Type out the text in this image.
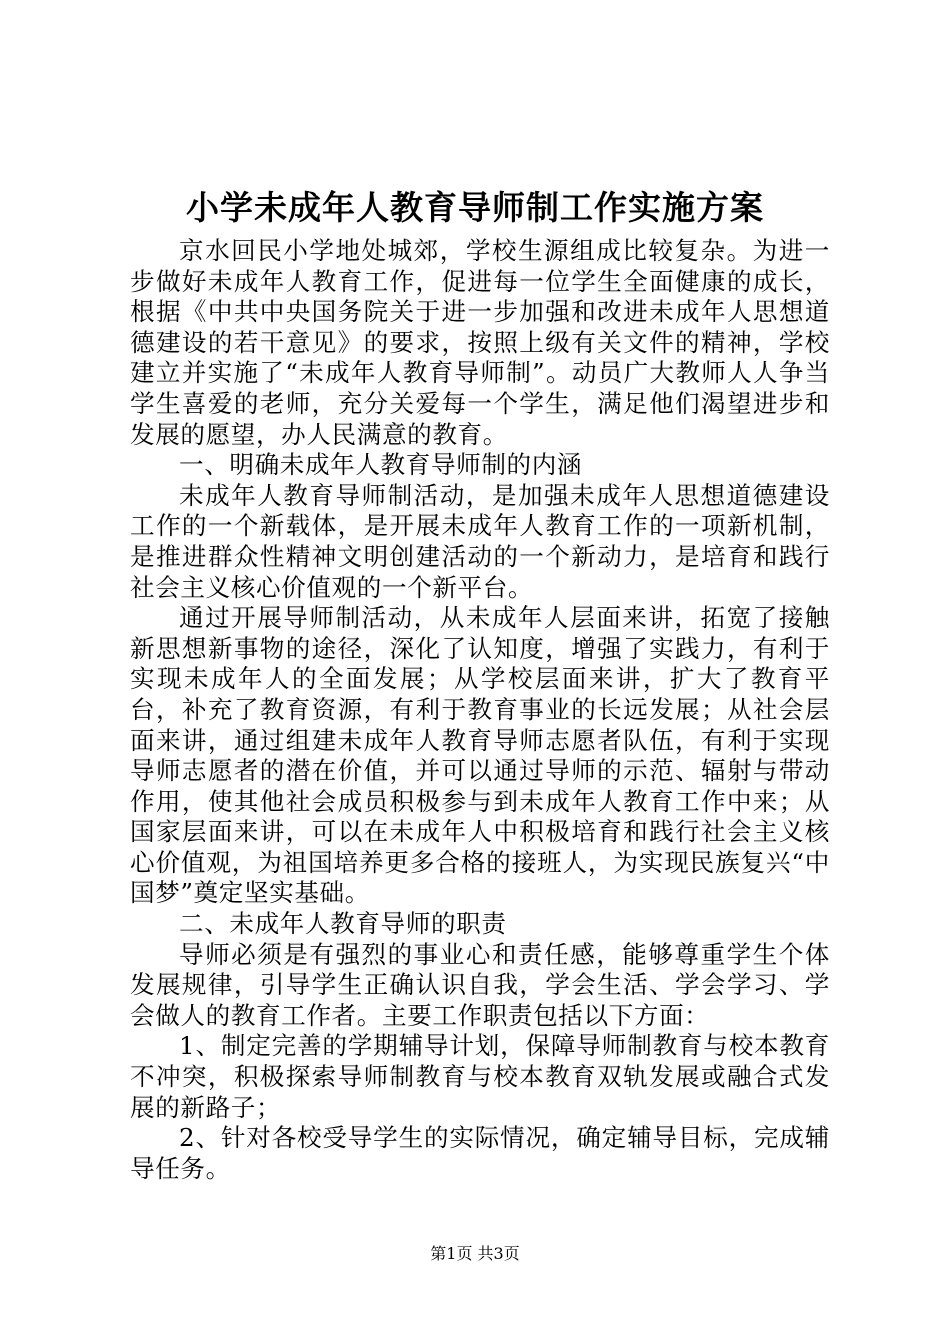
小学未成年人教育导师制工作实施方案

京水回民小学地处城郊，学校生源组成比较复杂。为进一步做好未成年人教育工作，促进每一位学生全面健康的成长，根据《中共中央国务院关于进一步加强和改进未成年人思想道德建设的若干意见》的要求，按照上级有关文件的精神，学校建立并实施了“未成年人教育导师制”。动员广大教师人人争当学生喜爱的老师，充分关爱每一个学生，满足他们渴望进步和发展的愿望，办人民满意的教育。

一、明确未成年人教育导师制的内涵

未成年人教育导师制活动，是加强未成年人思想道德建设工作的一个新载体，是开展未成年人教育工作的一项新机制，是推进群众性精神文明创建活动的一个新动力，是培育和践行社会主义核心价值观的一个新平台。

通过开展导师制活动，从未成年人层面来讲，拓宽了接触新思想新事物的途径，深化了认知度，增强了实践力，有利于实现未成年人的全面发展；从学校层面来讲，扩大了教育平台，补充了教育资源，有利于教育事业的长远发展；从社会层面来讲，通过组建未成年人教育导师志愿者队伍，有利于实现导师志愿者的潜在价值，并可以通过导师的示范、辐射与带动作用，使其他社会成员积极参与到未成年人教育工作中来；从国家层面来讲，可以在未成年人中积极培育和践行社会主义核心价值观，为祖国培养更多合格的接班人，为实现民族复兴“中国梦”奠定坚实基础。

二、未成年人教育导师的职责

导师必须是有强烈的事业心和责任感，能够尊重学生个体发展规律，引导学生正确认识自我，学会生活、学会学习、学会做人的教育工作者。主要工作职责包括以下方面：

1、制定完善的学期辅导计划，保障导师制教育与校本教育不冲突，积极探索导师制教育与校本教育双轨发展或融合式发展的新路子；

2、针对各校受导学生的实际情况，确定辅导目标，完成辅导任务。

第1页 共3页
